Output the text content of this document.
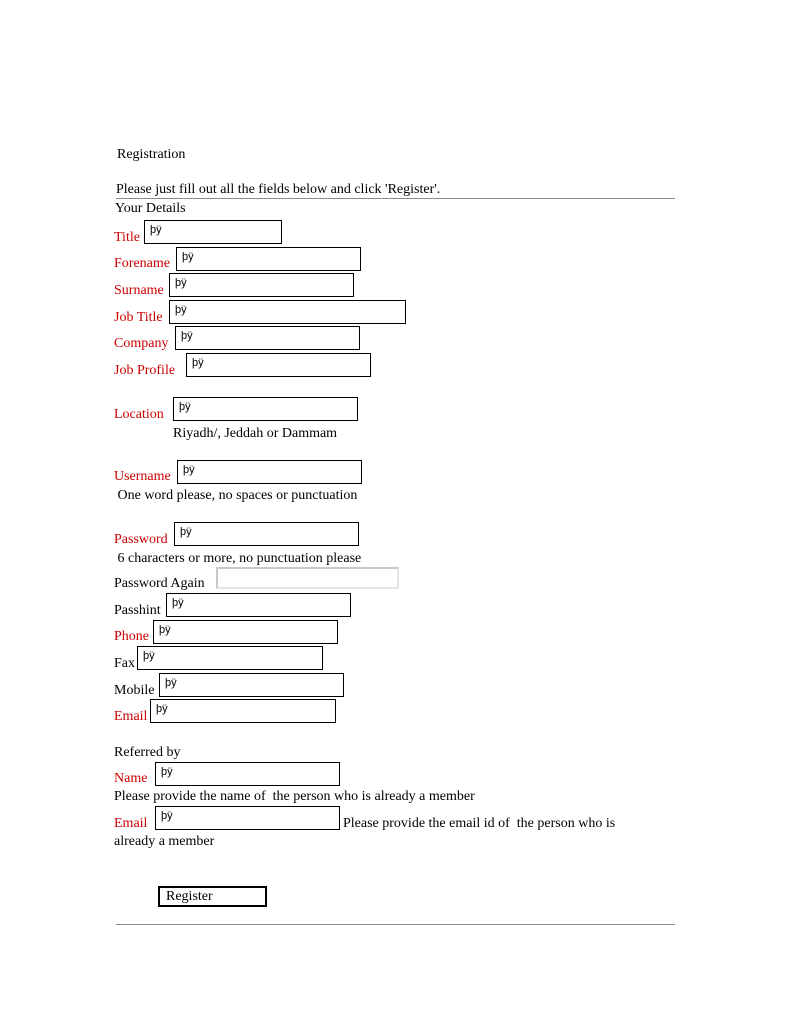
Registration
Please just fill out all the fields below and click 'Register'.
Your Details
Title þÿ
Forename þÿ
Surname þÿ
Job Title þÿ
Company þÿ
Job Profile þÿ
Location þÿ
Riyadh/, Jeddah or Dammam
Username þÿ
One word please, no spaces or punctuation
Password þÿ
6 characters or more, no punctuation please
Password Again
Passhint þÿ
Phone þÿ
Fax þÿ
Mobile þÿ
Email þÿ
Referred by
Name þÿ
Please provide the name of  the person who is already a member
Email þÿ	Please provide the email id of  the person who is
already a member
Register
